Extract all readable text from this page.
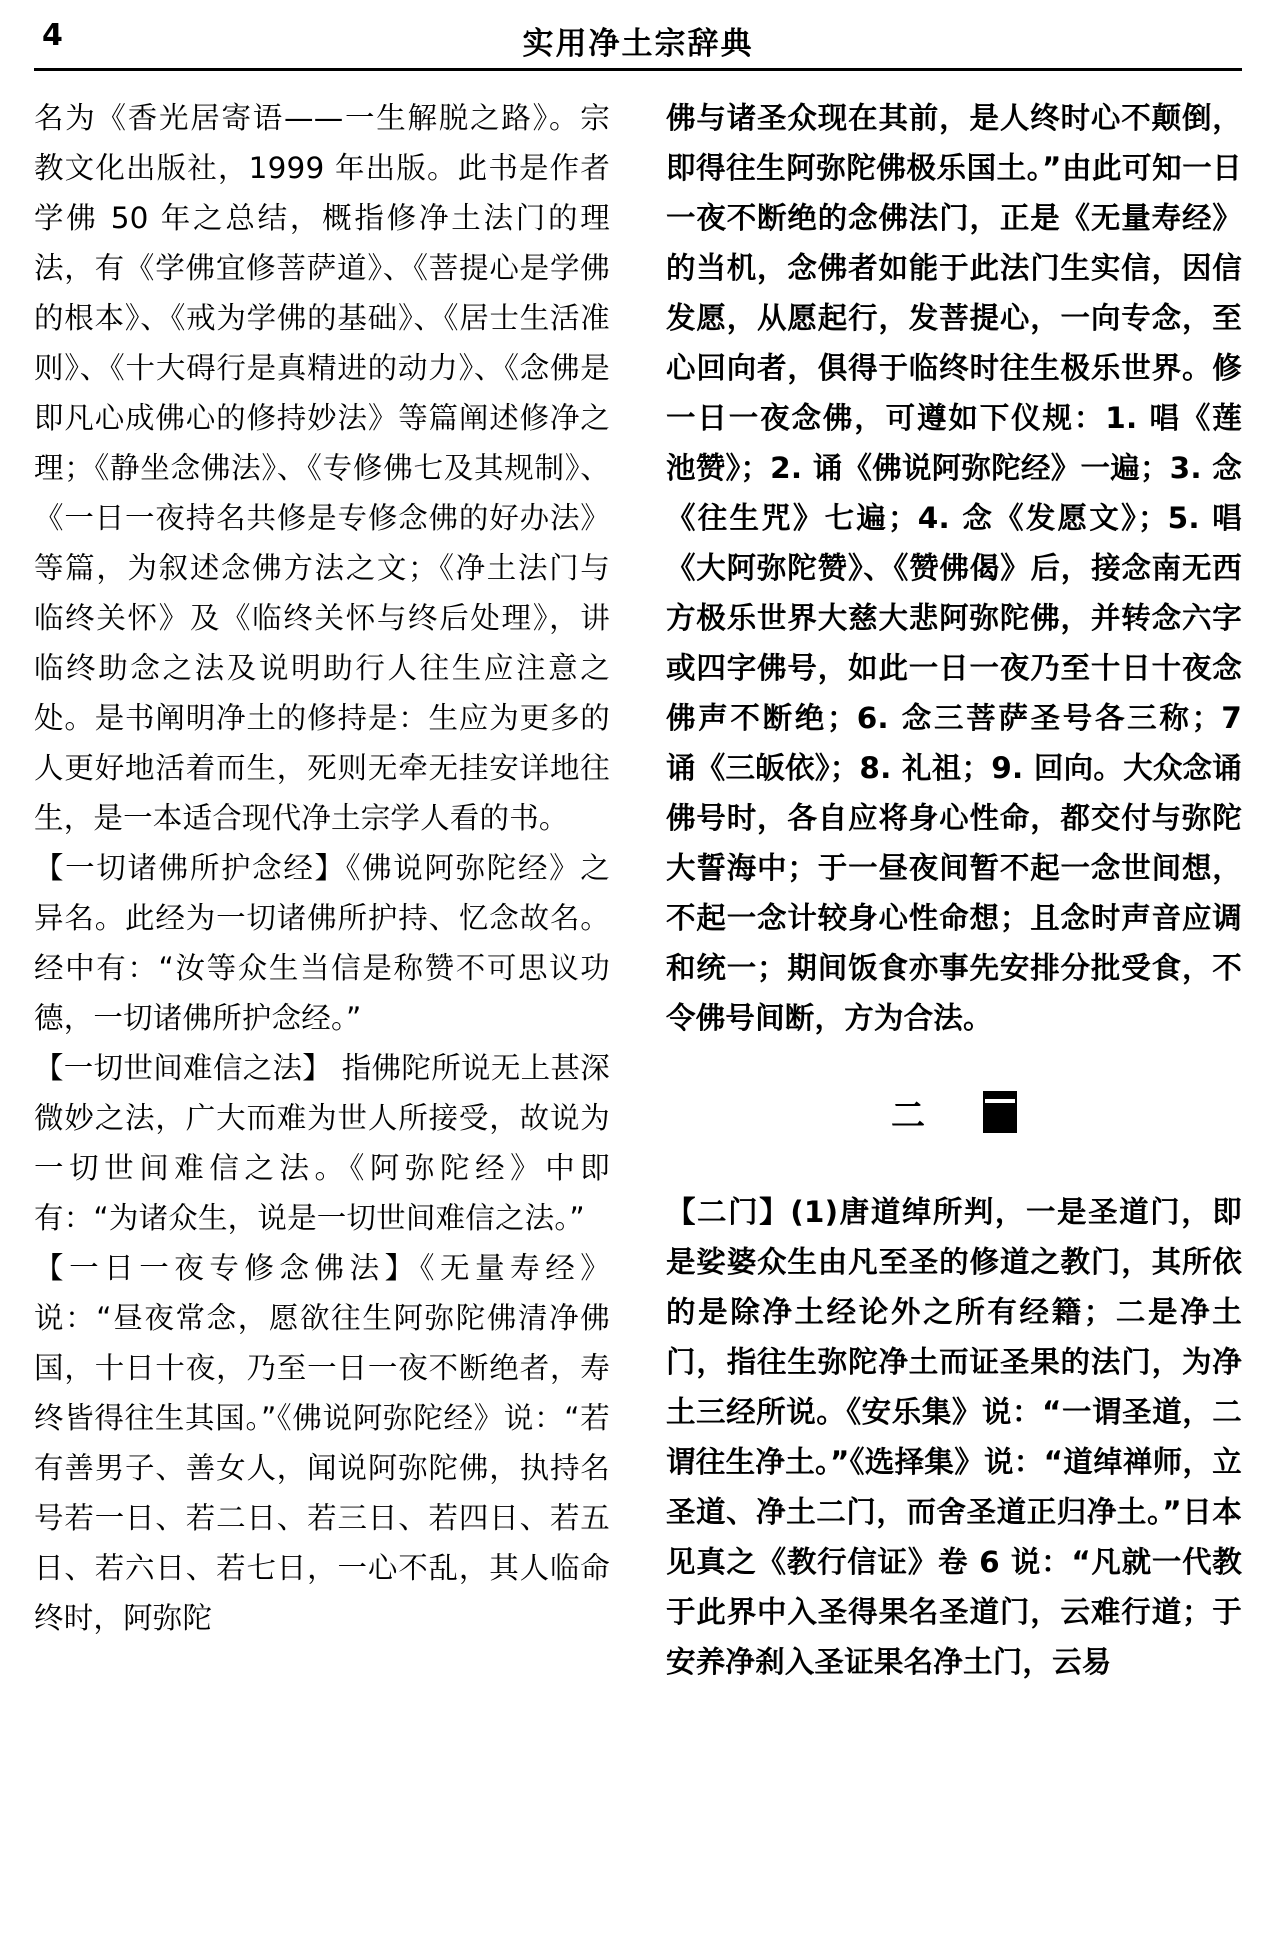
4	实用净土宗辞典

名为《香光居寄语——一生解脱之路》。宗教文化出版社，1999 年出版。此书是作者学佛 50 年之总结，概指修净土法门的理法，有《学佛宜修菩萨道》、《菩提心是学佛的根本》、《戒为学佛的基础》、《居士生活准则》、《十大碍行是真精进的动力》、《念佛是即凡心成佛心的修持妙法》等篇阐述修净之理；《静坐念佛法》、《专修佛七及其规制》、《一日一夜持名共修是专修念佛的好办法》等篇，为叙述念佛方法之文；《净土法门与临终关怀》及《临终关怀与终后处理》，讲临终助念之法及说明助行人往生应注意之处。是书阐明净土的修持是：生应为更多的人更好地活着而生，死则无牵无挂安详地往生，是一本适合现代净土宗学人看的书。

【一切诸佛所护念经】《佛说阿弥陀经》之异名。此经为一切诸佛所护持、忆念故名。经中有：“汝等众生当信是称赞不可思议功德，一切诸佛所护念经。”

【一切世间难信之法】 指佛陀所说无上甚深微妙之法，广大而难为世人所接受，故说为一切世间难信之法。《阿弥陀经》中即有：“为诸众生，说是一切世间难信之法。”

【一日一夜专修念佛法】《无量寿经》说：“昼夜常念，愿欲往生阿弥陀佛清净佛国，十日十夜，乃至一日一夜不断绝者，寿终皆得往生其国。”《佛说阿弥陀经》说：“若有善男子、善女人，闻说阿弥陀佛，执持名号若一日、若二日、若三日、若四日、若五日、若六日、若七日，一心不乱，其人临命终时，阿弥陀

佛与诸圣众现在其前，是人终时心不颠倒，即得往生阿弥陀佛极乐国土。”由此可知一日一夜不断绝的念佛法门，正是《无量寿经》的当机，念佛者如能于此法门生实信，因信发愿，从愿起行，发菩提心，一向专念，至心回向者，俱得于临终时往生极乐世界。修一日一夜念佛，可遵如下仪规：1. 唱《莲池赞》；2. 诵《佛说阿弥陀经》一遍；3. 念《往生咒》七遍；4. 念《发愿文》；5. 唱《大阿弥陀赞》、《赞佛偈》后，接念南无西方极乐世界大慈大悲阿弥陀佛，并转念六字或四字佛号，如此一日一夜乃至十日十夜念佛声不断绝；6. 念三菩萨圣号各三称；7 诵《三皈依》；8. 礼祖；9. 回向。大众念诵佛号时，各自应将身心性命，都交付与弥陀大誓海中；于一昼夜间暂不起一念世间想，不起一念计较身心性命想；且念时声音应调和统一；期间饭食亦事先安排分批受食，不令佛号间断，方为合法。

二

【二门】(1)唐道绰所判，一是圣道门，即是娑婆众生由凡至圣的修道之教门，其所依的是除净土经论外之所有经籍；二是净土门，指往生弥陀净土而证圣果的法门，为净土三经所说。《安乐集》说：“一谓圣道，二谓往生净土。”《选择集》说：“道绰禅师，立圣道、净土二门，而舍圣道正归净土。”日本见真之《教行信证》卷 6 说：“凡就一代教于此界中入圣得果名圣道门，云难行道；于安养净刹入圣证果名净土门，云易
